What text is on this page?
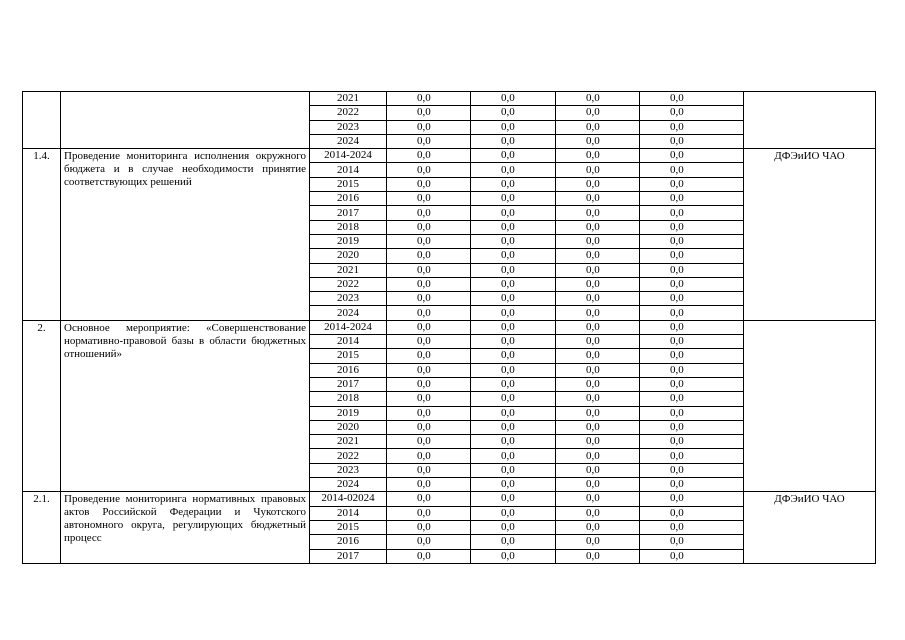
		2021	0,0	0,0	0,0	0,0	
		2022	0,0	0,0	0,0	0,0	
		2023	0,0	0,0	0,0	0,0	
		2024	0,0	0,0	0,0	0,0	
1.4.	Проведение мониторинга исполнения окружного бюджета и в случае необходимости принятие соответствующих решений	2014-2024	0,0	0,0	0,0	0,0	ДФЭиИО ЧАО
		2014	0,0	0,0	0,0	0,0	
		2015	0,0	0,0	0,0	0,0	
		2016	0,0	0,0	0,0	0,0	
		2017	0,0	0,0	0,0	0,0	
		2018	0,0	0,0	0,0	0,0	
		2019	0,0	0,0	0,0	0,0	
		2020	0,0	0,0	0,0	0,0	
		2021	0,0	0,0	0,0	0,0	
		2022	0,0	0,0	0,0	0,0	
		2023	0,0	0,0	0,0	0,0	
		2024	0,0	0,0	0,0	0,0	
2.	Основное мероприятие: «Совершенствование нормативно-правовой базы в области бюджетных отношений»	2014-2024	0,0	0,0	0,0	0,0	
		2014	0,0	0,0	0,0	0,0	
		2015	0,0	0,0	0,0	0,0	
		2016	0,0	0,0	0,0	0,0	
		2017	0,0	0,0	0,0	0,0	
		2018	0,0	0,0	0,0	0,0	
		2019	0,0	0,0	0,0	0,0	
		2020	0,0	0,0	0,0	0,0	
		2021	0,0	0,0	0,0	0,0	
		2022	0,0	0,0	0,0	0,0	
		2023	0,0	0,0	0,0	0,0	
		2024	0,0	0,0	0,0	0,0	
2.1.	Проведение мониторинга нормативных правовых актов Российской Федерации и Чукотского автономного округа, регулирующих бюджетный процесс	2014-02024	0,0	0,0	0,0	0,0	ДФЭиИО ЧАО
		2014	0,0	0,0	0,0	0,0	
		2015	0,0	0,0	0,0	0,0	
		2016	0,0	0,0	0,0	0,0	
		2017	0,0	0,0	0,0	0,0	
